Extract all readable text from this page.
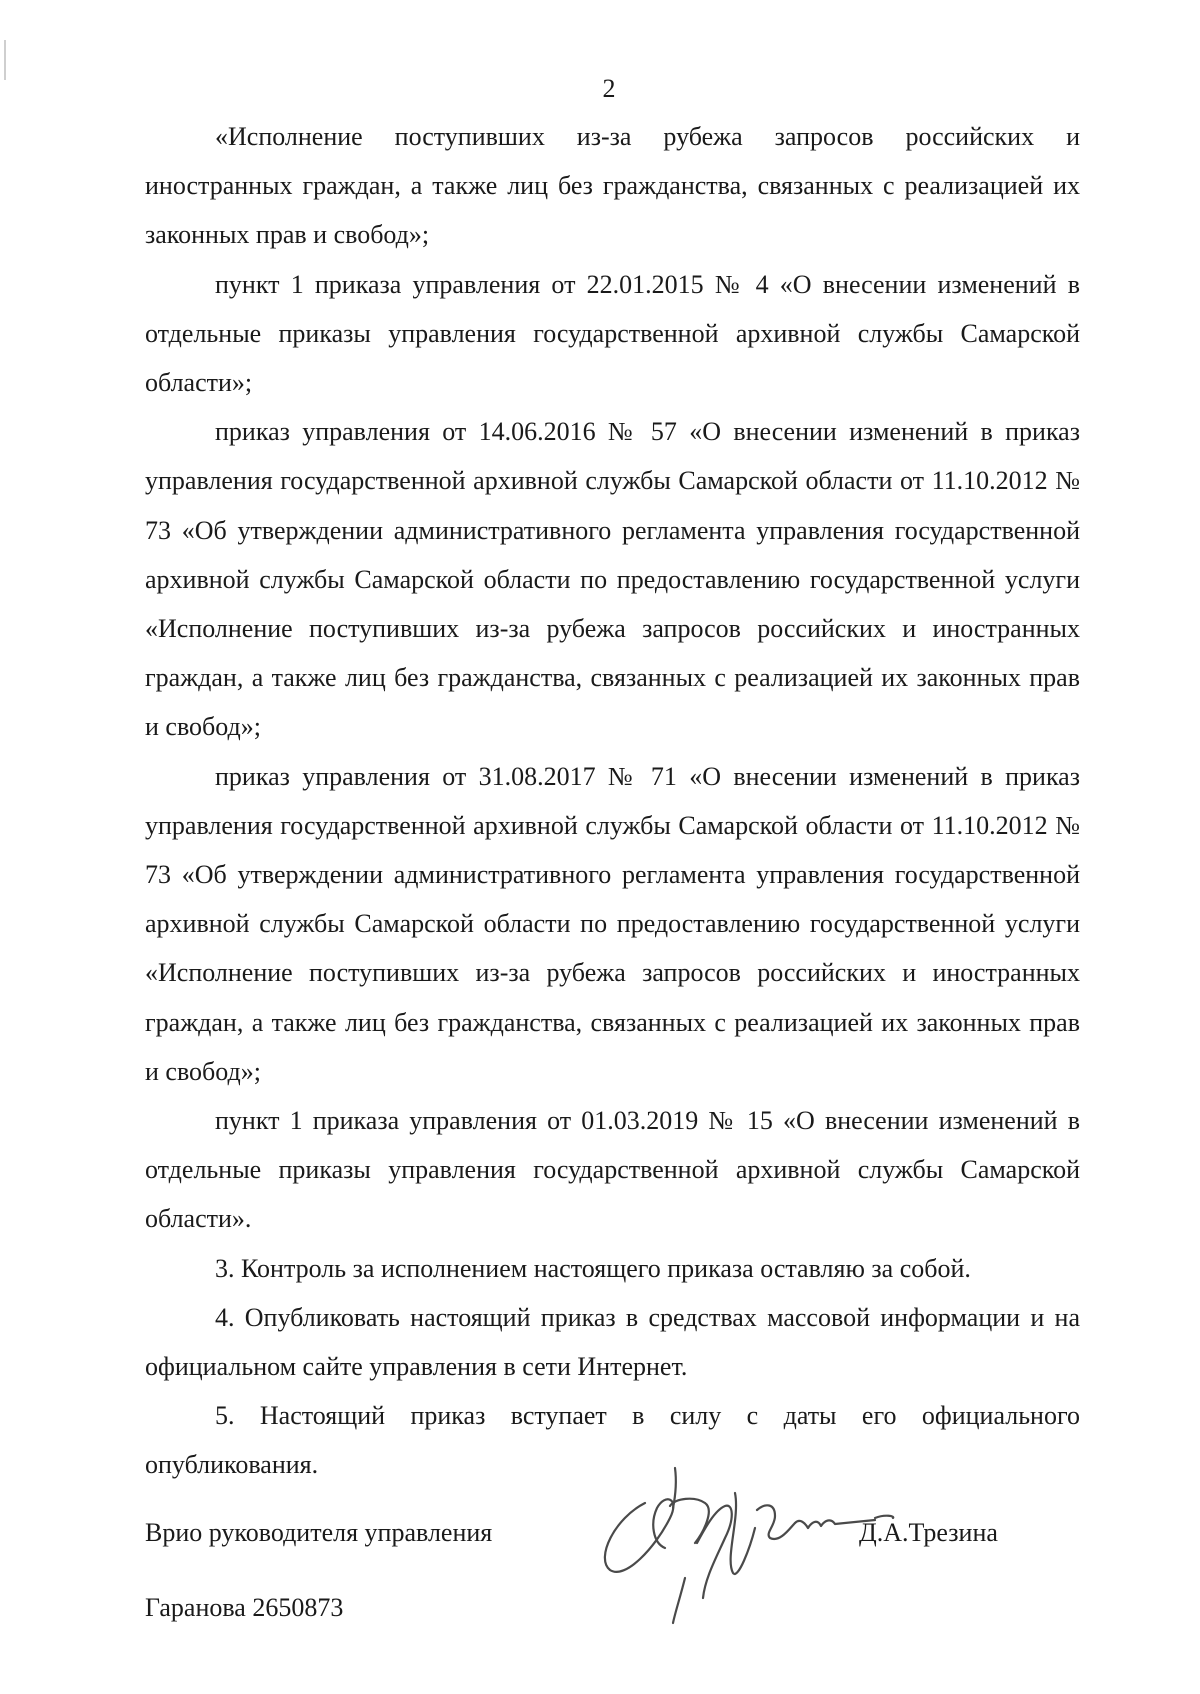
2

«Исполнение поступивших из-за рубежа запросов российских и иностранных граждан, а также лиц без гражданства, связанных с реализацией их законных прав и свобод»;

пункт 1 приказа управления от 22.01.2015 № 4 «О внесении изменений в отдельные приказы управления государственной архивной службы Самарской области»;

приказ управления от 14.06.2016 № 57 «О внесении изменений в приказ управления государственной архивной службы Самарской области от 11.10.2012 № 73 «Об утверждении административного регламента управления государственной архивной службы Самарской области по предоставлению государственной услуги «Исполнение поступивших из-за рубежа запросов российских и иностранных граждан, а также лиц без гражданства, связанных с реализацией их законных прав и свобод»;

приказ управления от 31.08.2017 № 71 «О внесении изменений в приказ управления государственной архивной службы Самарской области от 11.10.2012 № 73 «Об утверждении административного регламента управления государственной архивной службы Самарской области по предоставлению государственной услуги «Исполнение поступивших из-за рубежа запросов российских и иностранных граждан, а также лиц без гражданства, связанных с реализацией их законных прав и свобод»;

пункт 1 приказа управления от 01.03.2019 № 15 «О внесении изменений в отдельные приказы управления государственной архивной службы Самарской области».

3. Контроль за исполнением настоящего приказа оставляю за собой.

4. Опубликовать настоящий приказ в средствах массовой информации и на официальном сайте управления в сети Интернет.

5. Настоящий приказ вступает в силу с даты его официального опубликования.

Врио руководителя управления	Д.А.Трезина
Гаранова 2650873
